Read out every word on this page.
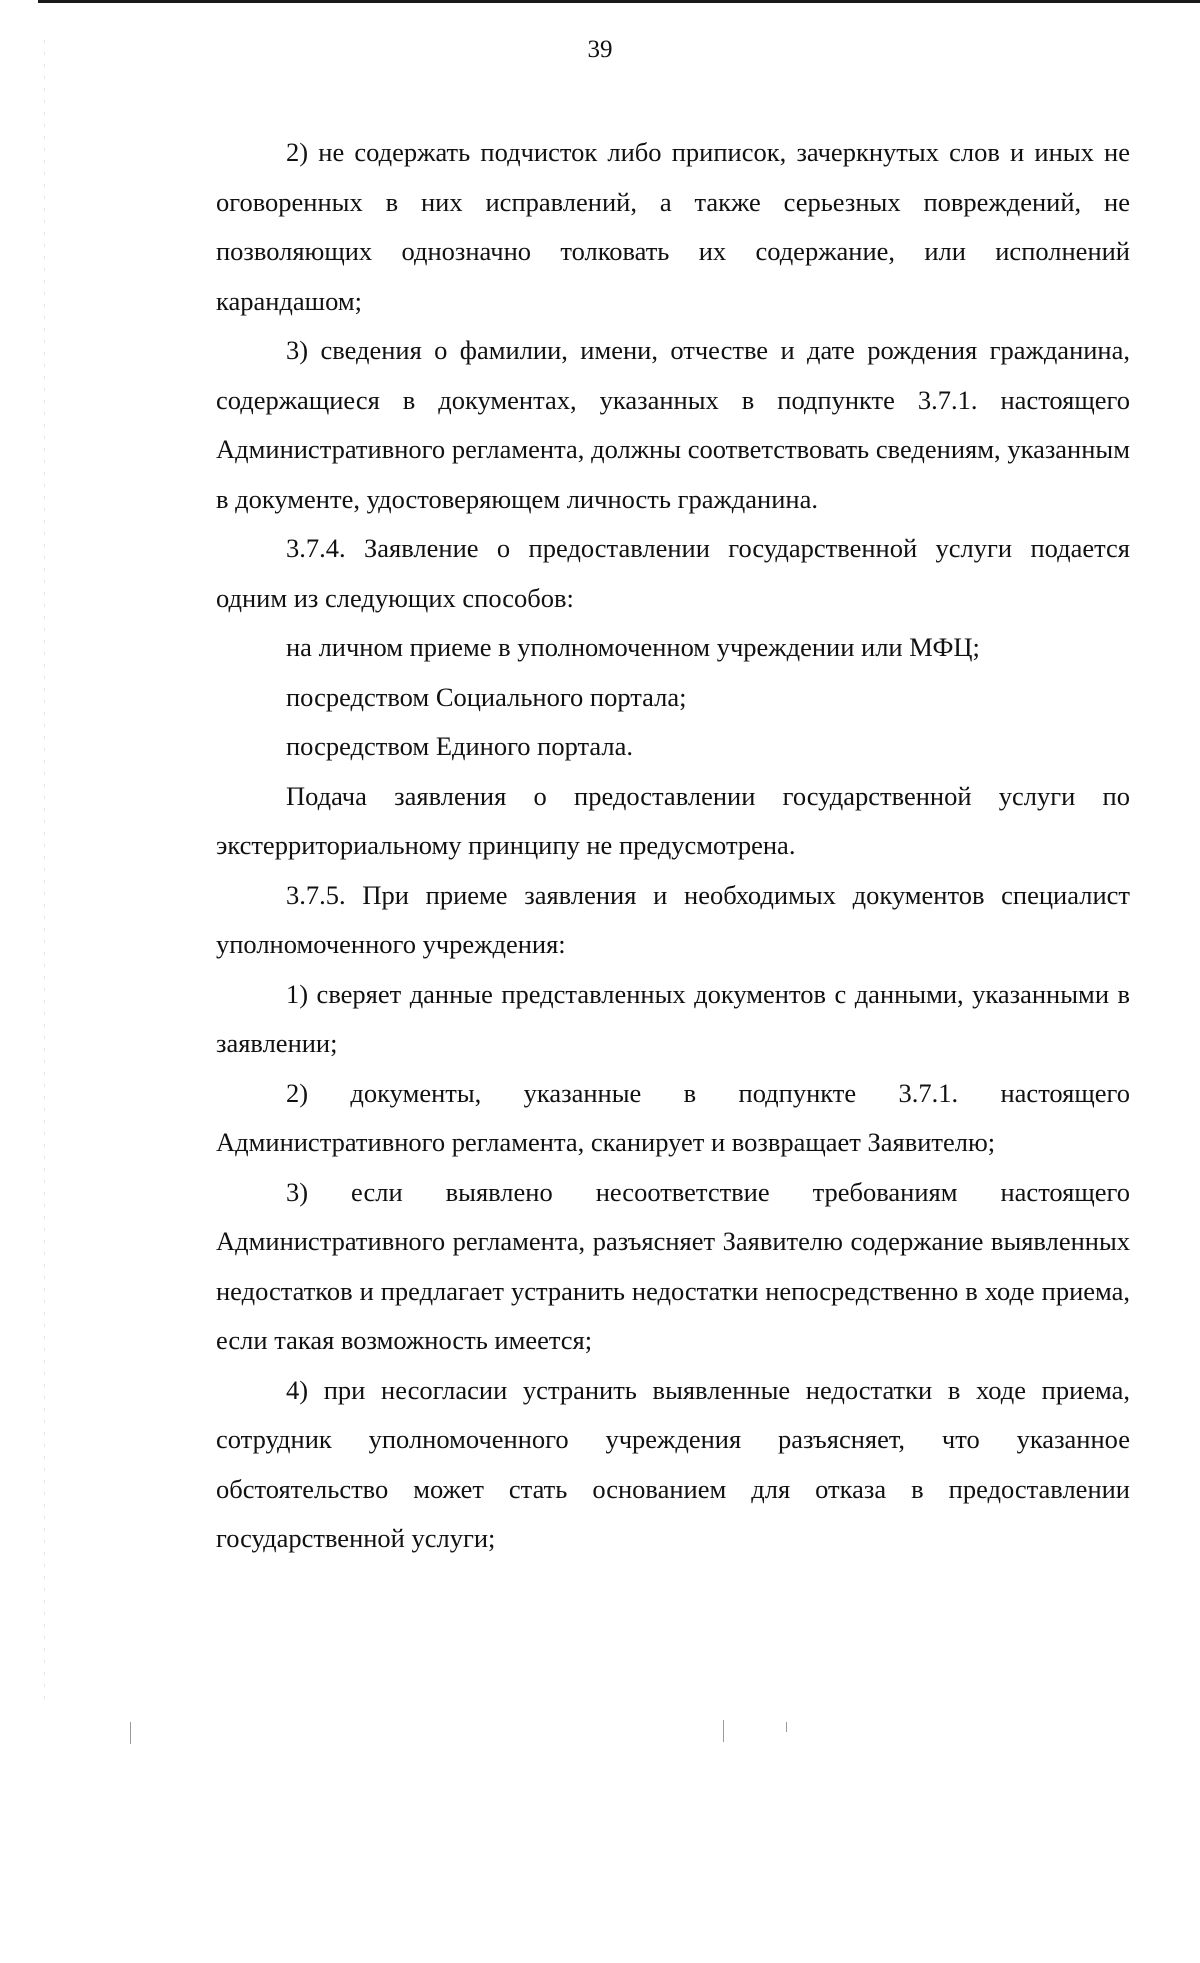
39

2) не содержать подчисток либо приписок, зачеркнутых слов и иных не оговоренных в них исправлений, а также серьезных повреждений, не позволяющих однозначно толковать их содержание, или исполнений карандашом;

3) сведения о фамилии, имени, отчестве и дате рождения гражданина, содержащиеся в документах, указанных в подпункте 3.7.1. настоящего Административного регламента, должны соответствовать сведениям, указанным в документе, удостоверяющем личность гражданина.

3.7.4. Заявление о предоставлении государственной услуги подается одним из следующих способов:

на личном приеме в уполномоченном учреждении или МФЦ;

посредством Социального портала;

посредством Единого портала.

Подача заявления о предоставлении государственной услуги по экстерриториальному принципу не предусмотрена.

3.7.5. При приеме заявления и необходимых документов специалист уполномоченного учреждения:

1) сверяет данные представленных документов с данными, указанными в заявлении;

2) документы, указанные в подпункте 3.7.1. настоящего Административного регламента, сканирует и возвращает Заявителю;

3) если выявлено несоответствие требованиям настоящего Административного регламента, разъясняет Заявителю содержание выявленных недостатков и предлагает устранить недостатки непосредственно в ходе приема, если такая возможность имеется;

4) при несогласии устранить выявленные недостатки в ходе приема, сотрудник уполномоченного учреждения разъясняет, что указанное обстоятельство может стать основанием для отказа в предоставлении государственной услуги;
